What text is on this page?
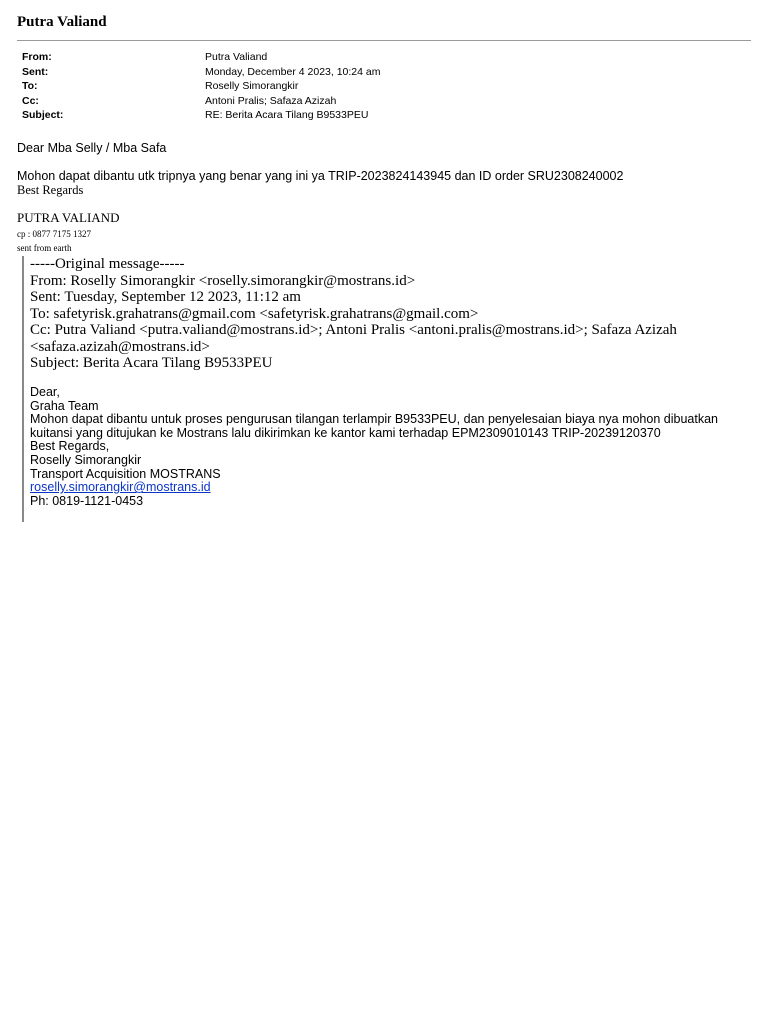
Putra Valiand
From:	Putra Valiand
Sent:	Monday, December 4 2023, 10:24 am
To:	Roselly Simorangkir
Cc:	Antoni Pralis; Safaza Azizah
Subject:	RE: Berita Acara Tilang B9533PEU
Dear Mba Selly / Mba Safa
Mohon dapat dibantu utk tripnya yang benar yang ini ya TRIP-2023824143945 dan ID order SRU2308240002
Best Regards
PUTRA VALIAND
cp : 0877 7175 1327
sent from earth
-----Original message-----
From: Roselly Simorangkir <roselly.simorangkir@mostrans.id>
Sent: Tuesday, September 12 2023, 11:12 am
To: safetyrisk.grahatrans@gmail.com <safetyrisk.grahatrans@gmail.com>
Cc: Putra Valiand <putra.valiand@mostrans.id>; Antoni Pralis <antoni.pralis@mostrans.id>; Safaza Azizah
<safaza.azizah@mostrans.id>
Subject: Berita Acara Tilang B9533PEU
Dear,
Graha Team
Mohon dapat dibantu untuk proses pengurusan tilangan terlampir B9533PEU, dan penyelesaian biaya nya mohon dibuatkan
kuitansi yang ditujukan ke Mostrans lalu dikirimkan ke kantor kami terhadap EPM2309010143 TRIP-20239120370
Best Regards,
Roselly Simorangkir
Transport Acquisition MOSTRANS
roselly.simorangkir@mostrans.id
Ph: 0819-1121-0453
